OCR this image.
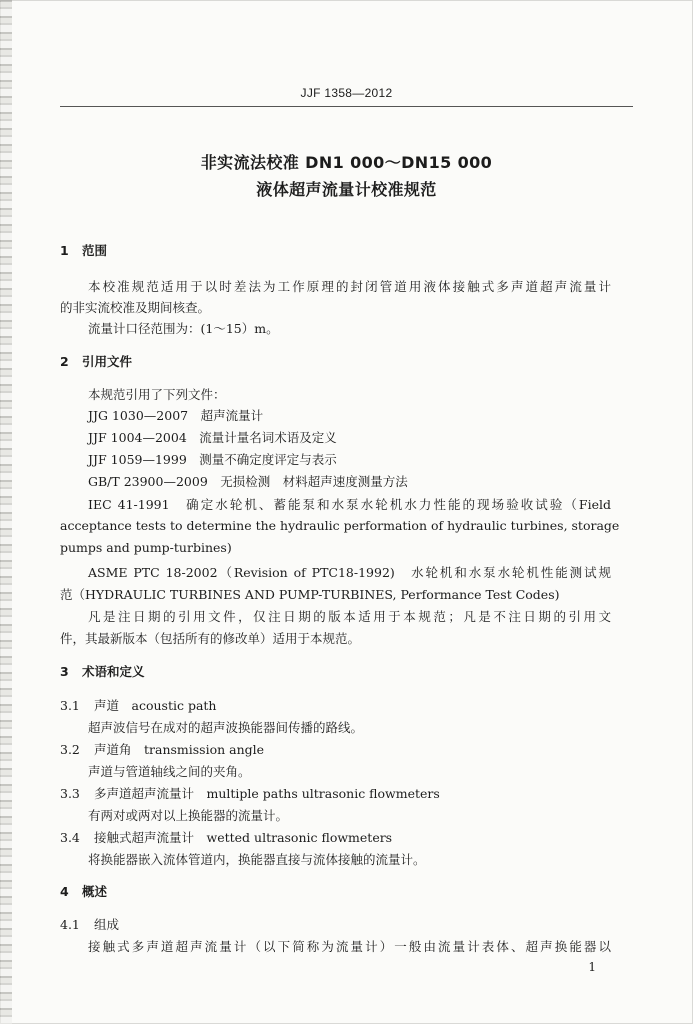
JJF 1358—2012
非实流法校准 DN1 000～DN15 000
液体超声流量计校准规范
1 范围
本校准规范适用于以时差法为工作原理的封闭管道用液体接触式多声道超声流量计
的非实流校准及期间核查。
流量计口径范围为：(1～15）m。
2 引用文件
本规范引用了下列文件：
JJG 1030—2007　超声流量计
JJF 1004—2004　流量计量名词术语及定义
JJF 1059—1999　测量不确定度评定与表示
GB/T 23900—2009　无损检测　材料超声速度测量方法
IEC 41-1991　确定水轮机、蓄能泵和水泵水轮机水力性能的现场验收试验（Field
acceptance tests to determine the hydraulic performation of hydraulic turbines, storage
pumps and pump-turbines)
ASME PTC 18-2002（Revision of PTC18-1992)　水轮机和水泵水轮机性能测试规
范（HYDRAULIC TURBINES AND PUMP-TURBINES, Performance Test Codes)
凡是注日期的引用文件，仅注日期的版本适用于本规范；凡是不注日期的引用文
件，其最新版本（包括所有的修改单）适用于本规范。
3 术语和定义
3.1 声道　acoustic path
超声波信号在成对的超声波换能器间传播的路线。
3.2 声道角　transmission angle
声道与管道轴线之间的夹角。
3.3 多声道超声流量计　multiple paths ultrasonic flowmeters
有两对或两对以上换能器的流量计。
3.4 接触式超声流量计　wetted ultrasonic flowmeters
将换能器嵌入流体管道内，换能器直接与流体接触的流量计。
4 概述
4.1 组成
接触式多声道超声流量计（以下简称为流量计）一般由流量计表体、超声换能器以
1
